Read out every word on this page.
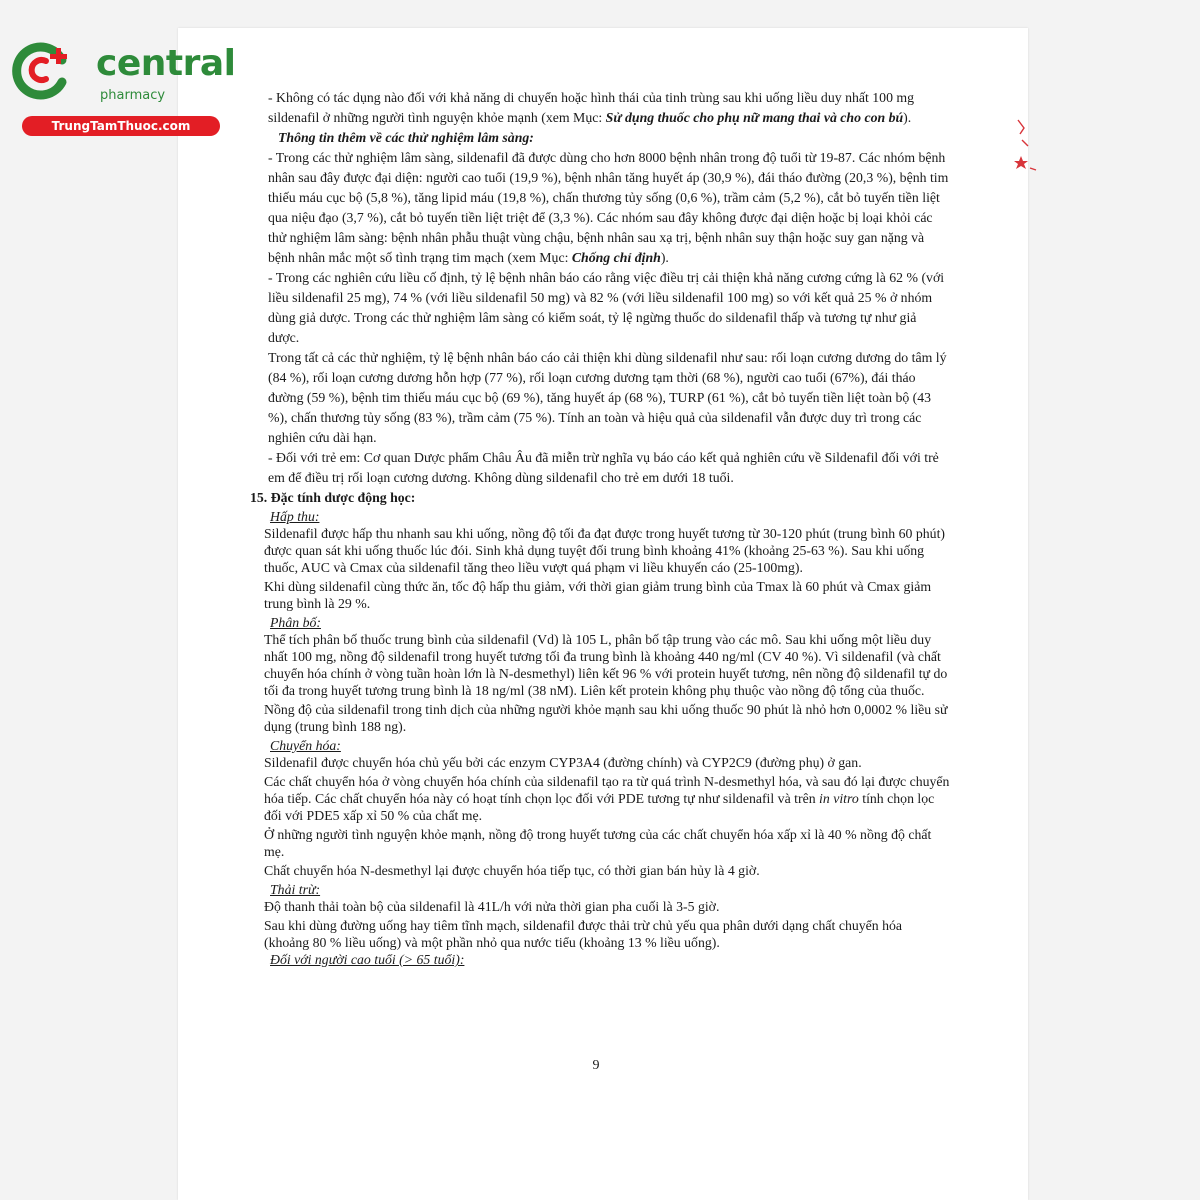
central
pharmacy
TrungTamThuoc.com

- Không có tác dụng nào đối với khả năng di chuyển hoặc hình thái của tinh trùng sau khi uống liều duy nhất 100 mg sildenafil ở những người tình nguyện khỏe mạnh (xem Mục: Sử dụng thuốc cho phụ nữ mang thai và cho con bú).

Thông tin thêm về các thử nghiệm lâm sàng:

- Trong các thử nghiệm lâm sàng, sildenafil đã được dùng cho hơn 8000 bệnh nhân trong độ tuổi từ 19-87. Các nhóm bệnh nhân sau đây được đại diện: người cao tuổi (19,9 %), bệnh nhân tăng huyết áp (30,9 %), đái tháo đường (20,3 %), bệnh tim thiếu máu cục bộ (5,8 %), tăng lipid máu (19,8 %), chấn thương tủy sống (0,6 %), trầm cảm (5,2 %), cắt bỏ tuyến tiền liệt qua niệu đạo (3,7 %), cắt bỏ tuyến tiền liệt triệt để (3,3 %). Các nhóm sau đây không được đại diện hoặc bị loại khỏi các thử nghiệm lâm sàng: bệnh nhân phẫu thuật vùng chậu, bệnh nhân sau xạ trị, bệnh nhân suy thận hoặc suy gan nặng và bệnh nhân mắc một số tình trạng tim mạch (xem Mục: Chống chỉ định).

- Trong các nghiên cứu liều cố định, tỷ lệ bệnh nhân báo cáo rằng việc điều trị cải thiện khả năng cương cứng là 62 % (với liều sildenafil 25 mg), 74 % (với liều sildenafil 50 mg) và 82 % (với liều sildenafil 100 mg) so với kết quả 25 % ở nhóm dùng giả dược. Trong các thử nghiệm lâm sàng có kiểm soát, tỷ lệ ngừng thuốc do sildenafil thấp và tương tự như giả dược.

Trong tất cả các thử nghiệm, tỷ lệ bệnh nhân báo cáo cải thiện khi dùng sildenafil như sau: rối loạn cương dương do tâm lý (84 %), rối loạn cương dương hỗn hợp (77 %), rối loạn cương dương tạm thời (68 %), người cao tuổi (67%), đái tháo đường (59 %), bệnh tim thiếu máu cục bộ (69 %), tăng huyết áp (68 %), TURP (61 %), cắt bỏ tuyến tiền liệt toàn bộ (43 %), chấn thương tủy sống (83 %), trầm cảm (75 %). Tính an toàn và hiệu quả của sildenafil vẫn được duy trì trong các nghiên cứu dài hạn.

- Đối với trẻ em: Cơ quan Dược phẩm Châu Âu đã miễn trừ nghĩa vụ báo cáo kết quả nghiên cứu về Sildenafil đối với trẻ em để điều trị rối loạn cương dương. Không dùng sildenafil cho trẻ em dưới 18 tuổi.

15. Đặc tính dược động học:

Hấp thu:

Sildenafil được hấp thu nhanh sau khi uống, nồng độ tối đa đạt được trong huyết tương từ 30-120 phút (trung bình 60 phút) được quan sát khi uống thuốc lúc đói. Sinh khả dụng tuyệt đối trung bình khoảng 41% (khoảng 25-63 %). Sau khi uống thuốc, AUC và Cmax của sildenafil tăng theo liều vượt quá phạm vi liều khuyến cáo (25-100mg).

Khi dùng sildenafil cùng thức ăn, tốc độ hấp thu giảm, với thời gian giảm trung bình của Tmax là 60 phút và Cmax giảm trung bình là 29 %.

Phân bố:

Thể tích phân bố thuốc trung bình của sildenafil (Vd) là 105 L, phân bố tập trung vào các mô. Sau khi uống một liều duy nhất 100 mg, nồng độ sildenafil trong huyết tương tối đa trung bình là khoảng 440 ng/ml (CV 40 %). Vì sildenafil (và chất chuyển hóa chính ở vòng tuần hoàn lớn là N-desmethyl) liên kết 96 % với protein huyết tương, nên nồng độ sildenafil tự do tối đa trong huyết tương trung bình là 18 ng/ml (38 nM). Liên kết protein không phụ thuộc vào nồng độ tổng của thuốc.

Nồng độ của sildenafil trong tinh dịch của những người khỏe mạnh sau khi uống thuốc 90 phút là nhỏ hơn 0,0002 % liều sử dụng (trung bình 188 ng).

Chuyển hóa:

Sildenafil được chuyển hóa chủ yếu bởi các enzym CYP3A4 (đường chính) và CYP2C9 (đường phụ) ở gan.

Các chất chuyển hóa ở vòng chuyển hóa chính của sildenafil tạo ra từ quá trình N-desmethyl hóa, và sau đó lại được chuyển hóa tiếp. Các chất chuyển hóa này có hoạt tính chọn lọc đối với PDE tương tự như sildenafil và trên in vitro tính chọn lọc đối với PDE5 xấp xỉ 50 % của chất mẹ.

Ở những người tình nguyện khỏe mạnh, nồng độ trong huyết tương của các chất chuyển hóa xấp xỉ là 40 % nồng độ chất mẹ.

Chất chuyển hóa N-desmethyl lại được chuyển hóa tiếp tục, có thời gian bán hủy là 4 giờ.

Thải trừ:

Độ thanh thải toàn bộ của sildenafil là 41L/h với nửa thời gian pha cuối là 3-5 giờ.

Sau khi dùng đường uống hay tiêm tĩnh mạch, sildenafil được thải trừ chủ yếu qua phân dưới dạng chất chuyển hóa (khoảng 80 % liều uống) và một phần nhỏ qua nước tiểu (khoảng 13 % liều uống).

Đối với người cao tuổi (> 65 tuổi):

9
